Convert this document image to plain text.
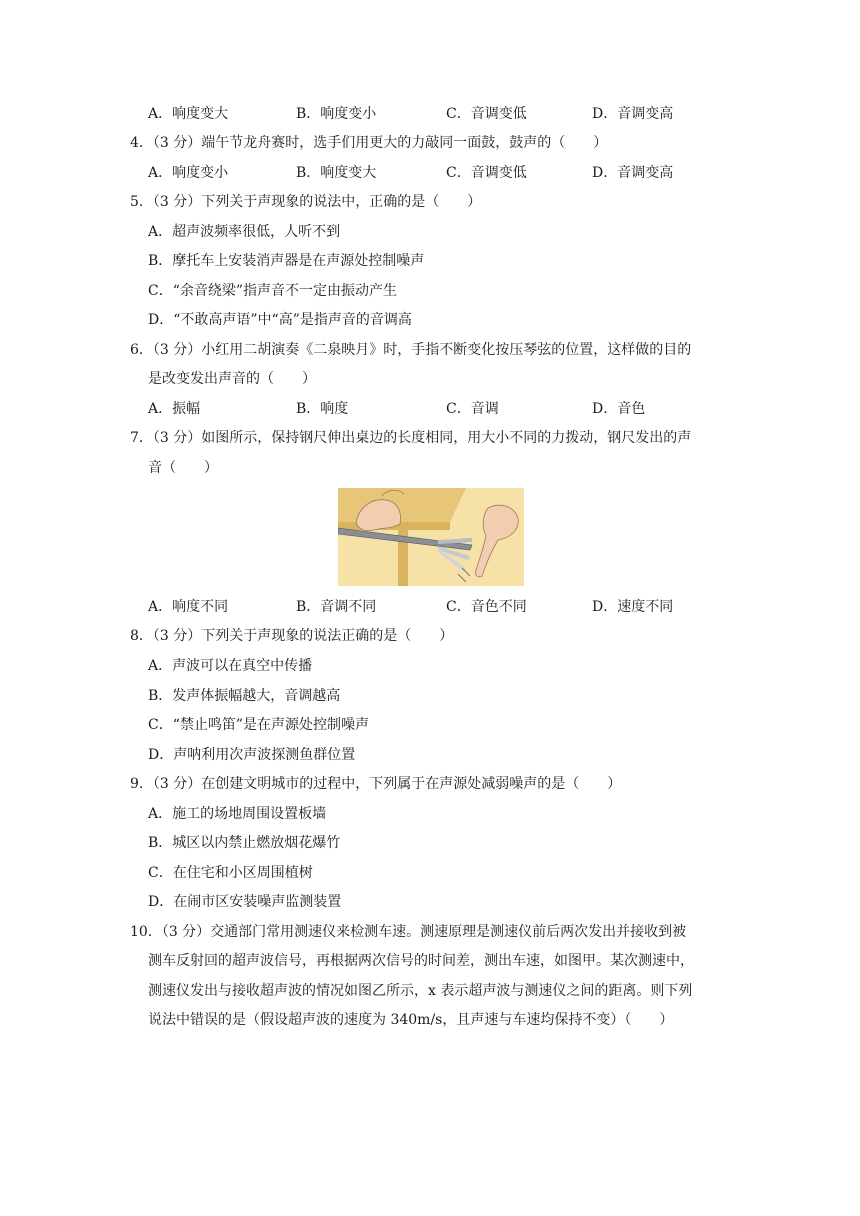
A．响度变大	B．响度变小	C．音调变低	D．音调变高
4．（3 分）端午节龙舟赛时，选手们用更大的力敲同一面鼓，鼓声的（　　）
A．响度变小	B．响度变大	C．音调变低	D．音调变高
5．（3 分）下列关于声现象的说法中，正确的是（　　）
A．超声波频率很低，人听不到
B．摩托车上安装消声器是在声源处控制噪声
C．“余音绕梁”指声音不一定由振动产生
D．“不敢高声语”中“高”是指声音的音调高
6．（3 分）小红用二胡演奏《二泉映月》时，手指不断变化按压琴弦的位置，这样做的目的
是改变发出声音的（　　）
A．振幅	B．响度	C．音调	D．音色
7．（3 分）如图所示，保持钢尺伸出桌边的长度相同，用大小不同的力拨动，钢尺发出的声
音（　　）
A．响度不同	B．音调不同	C．音色不同	D．速度不同
8．（3 分）下列关于声现象的说法正确的是（　　）
A．声波可以在真空中传播
B．发声体振幅越大，音调越高
C．“禁止鸣笛”是在声源处控制噪声
D．声呐利用次声波探测鱼群位置
9．（3 分）在创建文明城市的过程中，下列属于在声源处减弱噪声的是（　　）
A．施工的场地周围设置板墙
B．城区以内禁止燃放烟花爆竹
C．在住宅和小区周围植树
D．在闹市区安装噪声监测装置
10．（3 分）交通部门常用测速仪来检测车速。测速原理是测速仪前后两次发出并接收到被
测车反射回的超声波信号，再根据两次信号的时间差，测出车速，如图甲。某次测速中，
测速仪发出与接收超声波的情况如图乙所示，x 表示超声波与测速仪之间的距离。则下列
说法中错误的是（假设超声波的速度为 340m/s，且声速与车速均保持不变）（　　）
